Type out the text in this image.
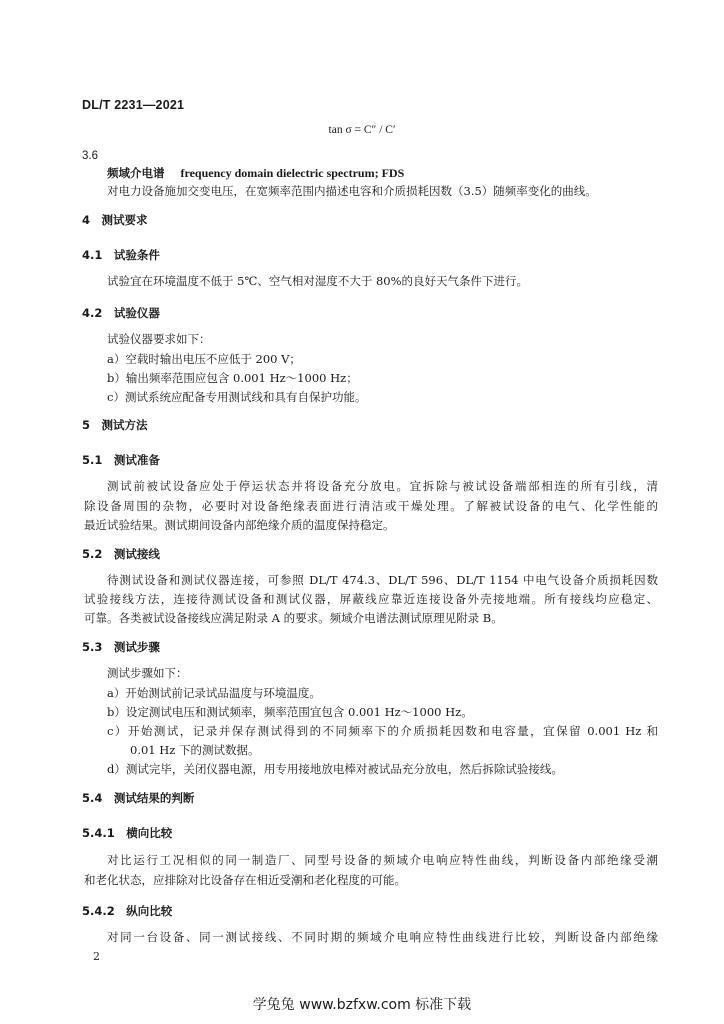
DL/T 2231—2021
tan σ = C″ / C′
3.6
频域介电谱 frequency domain dielectric spectrum; FDS
对电力设备施加交变电压，在宽频率范围内描述电容和介质损耗因数（3.5）随频率变化的曲线。
4　测试要求
4.1　试验条件
试验宜在环境温度不低于 5℃、空气相对湿度不大于 80%的良好天气条件下进行。
4.2　试验仪器
试验仪器要求如下：
a）空载时输出电压不应低于 200 V；
b）输出频率范围应包含 0.001 Hz～1000 Hz；
c）测试系统应配备专用测试线和具有自保护功能。
5　测试方法
5.1　测试准备
测试前被试设备应处于停运状态并将设备充分放电。宜拆除与被试设备端部相连的所有引线，清
除设备周围的杂物，必要时对设备绝缘表面进行清洁或干燥处理。了解被试设备的电气、化学性能的
最近试验结果。测试期间设备内部绝缘介质的温度保持稳定。
5.2　测试接线
待测试设备和测试仪器连接，可参照 DL/T 474.3、DL/T 596、DL/T 1154 中电气设备介质损耗因数
试验接线方法，连接待测试设备和测试仪器，屏蔽线应靠近连接设备外壳接地端。所有接线均应稳定、
可靠。各类被试设备接线应满足附录 A 的要求。频域介电谱法测试原理见附录 B。
5.3　测试步骤
测试步骤如下：
a）开始测试前记录试品温度与环境温度。
b）设定测试电压和测试频率，频率范围宜包含 0.001 Hz～1000 Hz。
c）开始测试，记录并保存测试得到的不同频率下的介质损耗因数和电容量，宜保留 0.001 Hz 和
0.01 Hz 下的测试数据。
d）测试完毕，关闭仪器电源，用专用接地放电棒对被试品充分放电，然后拆除试验接线。
5.4　测试结果的判断
5.4.1　横向比较
对比运行工况相似的同一制造厂、同型号设备的频域介电响应特性曲线，判断设备内部绝缘受潮
和老化状态，应排除对比设备存在相近受潮和老化程度的可能。
5.4.2　纵向比较
对同一台设备、同一测试接线、不同时期的频域介电响应特性曲线进行比较，判断设备内部绝缘
2
学兔兔 www.bzfxw.com 标准下载
